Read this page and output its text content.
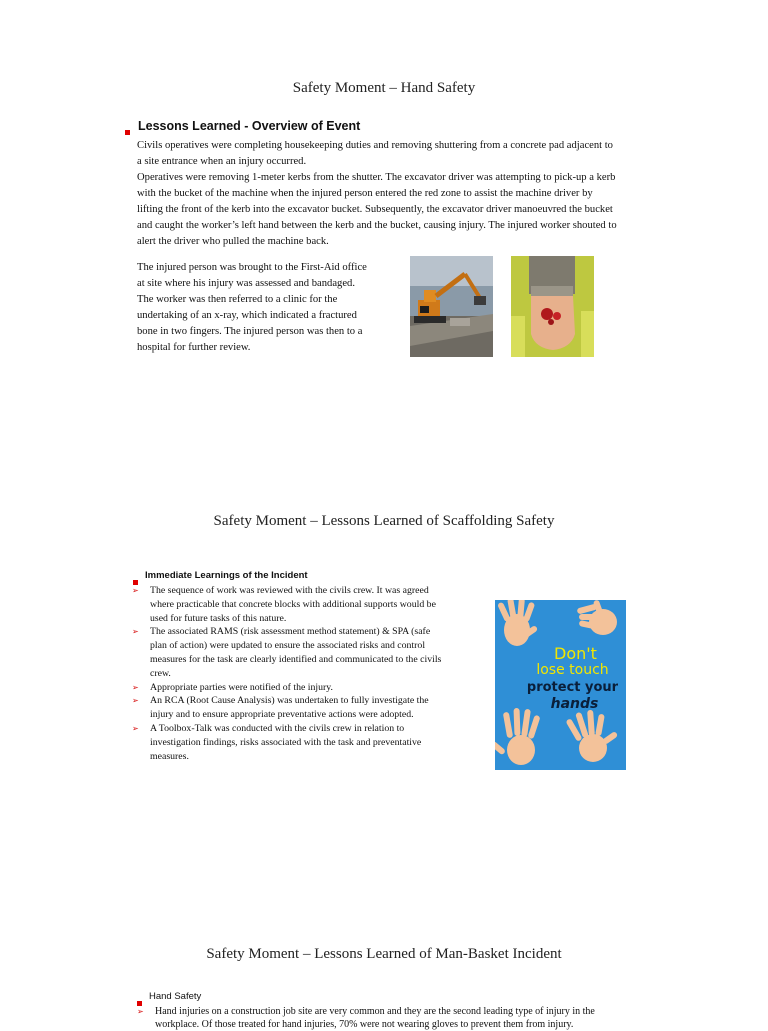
Safety Moment – Hand Safety
Lessons Learned - Overview of Event

Civils operatives were completing housekeeping duties and removing shuttering from a concrete pad adjacent to a site entrance when an injury occurred.

Operatives were removing 1-meter kerbs from the shutter. The excavator driver was attempting to pick-up a kerb with the bucket of the machine when the injured person entered the red zone to assist the machine driver by lifting the front of the kerb into the excavator bucket. Subsequently, the excavator driver manoeuvred the bucket and caught the worker’s left hand between the kerb and the bucket, causing injury. The injured worker shouted to alert the driver who pulled the machine back.

The injured person was brought to the First-Aid office at site where his injury was assessed and bandaged. The worker was then referred to a clinic for the undertaking of an x-ray, which indicated a fractured bone in two fingers. The injured person was then to a hospital for further review.

Safety Moment – Lessons Learned of Scaffolding Safety
Immediate Learnings of the Incident
➢ The sequence of work was reviewed with the civils crew. It was agreed where practicable that concrete blocks with additional supports would be used for future tasks of this nature.
➢ The associated RAMS (risk assessment method statement) & SPA (safe plan of action) were updated to ensure the associated risks and control measures for the task are clearly identified and communicated to the civils crew.
➢ Appropriate parties were notified of the injury.
➢ An RCA (Root Cause Analysis) was undertaken to fully investigate the injury and to ensure appropriate preventative actions were adopted.
➢ A Toolbox-Talk was conducted with the civils crew in relation to investigation findings, risks associated with the task and preventative measures.
Don't
lose touch
protect your
hands
Safety Moment – Lessons Learned of Man-Basket Incident
Hand Safety
➢ Hand injuries on a construction job site are very common and they are the second leading type of injury in the workplace. Of those treated for hand injuries, 70% were not wearing gloves to prevent them from injury.
